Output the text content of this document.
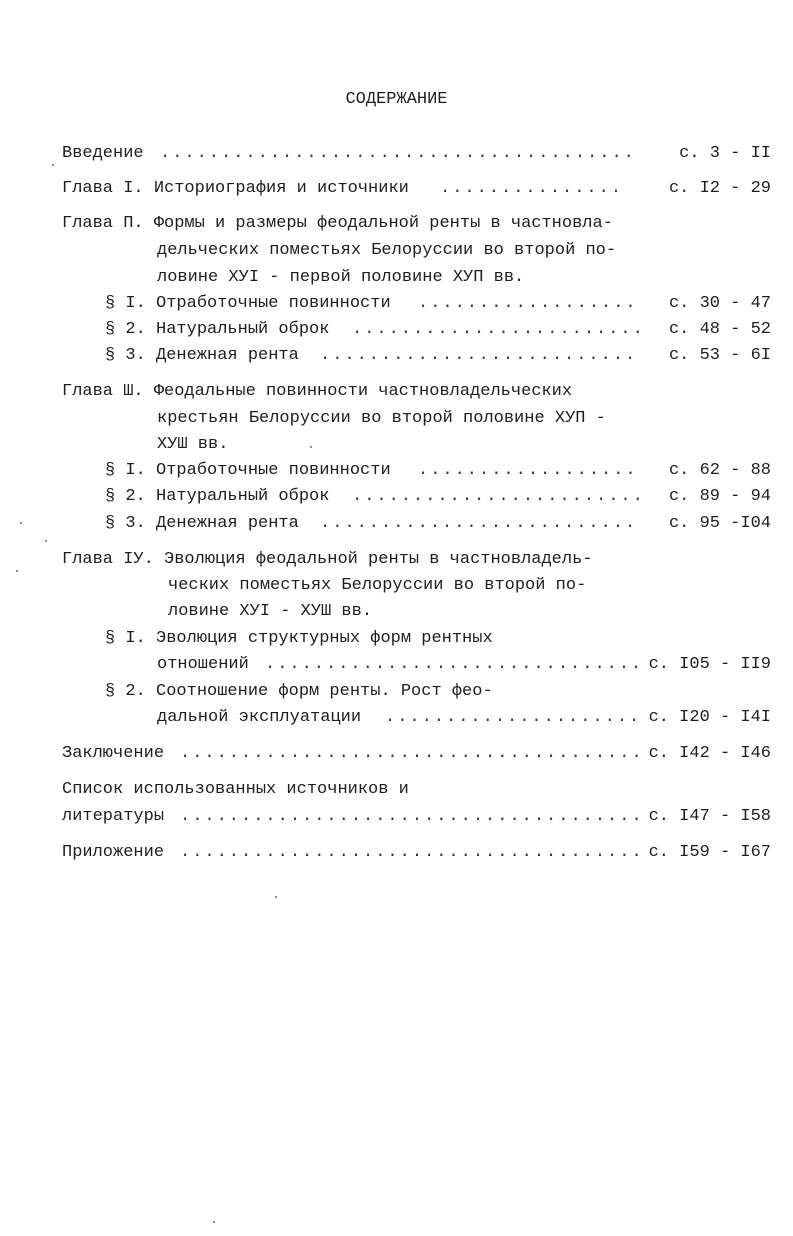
СОДЕРЖАНИЕ
Введение .....	с. 3 - II
Глава I. Историография и источники .....	с. I2 - 29
Глава П. Формы и размеры феодальной ренты в частновла-
дельческих поместьях Белоруссии во второй по-
ловине ХУI - первой половине ХУП вв.
§ I. Отработочные повинности .....	с. 30 - 47
§ 2. Натуральный оброк .....	с. 48 - 52
§ 3. Денежная рента .....	с. 53 - 6I
Глава Ш. Феодальные повинности частновладельческих
крестьян Белоруссии во второй половине ХУП -
ХУШ вв.
§ I. Отработочные повинности .....	с. 62 - 88
§ 2. Натуральный оброк .....	с. 89 - 94
§ 3. Денежная рента .....	с. 95 -I04
Глава IУ. Эволюция феодальной ренты в частновладель-
ческих поместьях Белоруссии во второй по-
ловине ХУI - ХУШ вв.
§ I. Эволюция структурных форм рентных
отношений .....	с. I05 - II9
§ 2. Соотношение форм ренты. Рост фео-
дальной эксплуатации .....	с. I20 - I4I
Заключение .....	с. I42 - I46
Список использованных источников и
литературы .....	с. I47 - I58
Приложение .....	с. I59 - I67
